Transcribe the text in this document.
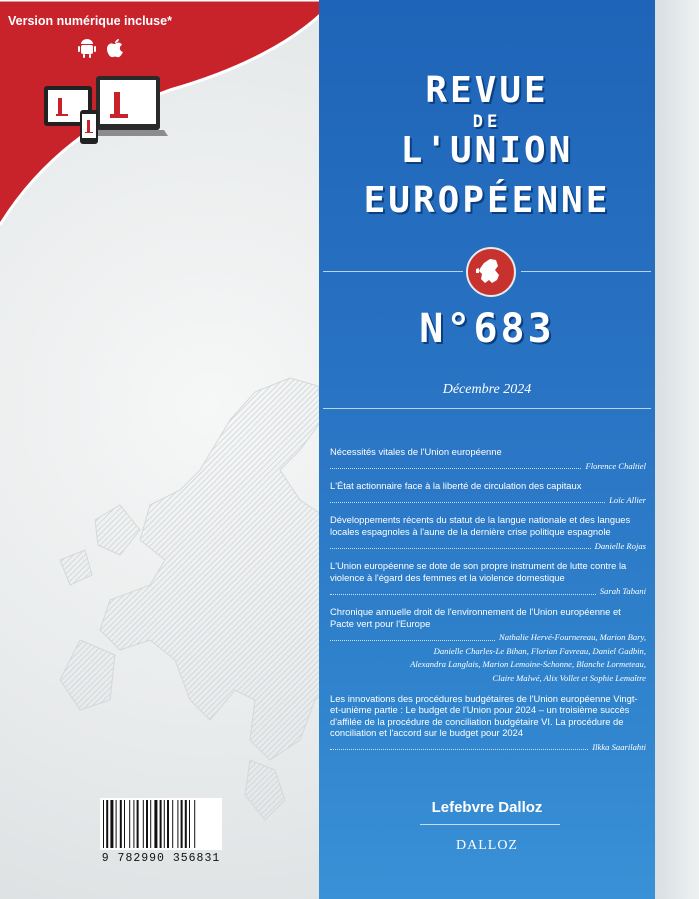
Version numérique incluse*
REVUE
DE
L'UNION
EUROPÉENNE
N°683
Décembre 2024
Nécessités vitales de l'Union européenne
Florence Chaltiel
L'État actionnaire face à la liberté de circulation des capitaux
Loïc Allier
Développements récents du statut de la langue nationale et des langues locales espagnoles à l'aune de la dernière crise politique espagnole
Danielle Rojas
L'Union européenne se dote de son propre instrument de lutte contre la violence à l'égard des femmes et la violence domestique
Sarah Tabani
Chronique annuelle droit de l'environnement de l'Union européenne et Pacte vert pour l'Europe
Nathalie Hervé-Fournereau, Marion Bary,
Danielle Charles-Le Bihan, Florian Favreau, Daniel Gadbin,
Alexandra Langlais, Marion Lemoine-Schonne, Blanche Lormeteau,
Claire Malwé, Alix Vollet et Sophie Lemaître
Les innovations des procédures budgétaires de l'Union européenne Vingt-et-unième partie : Le budget de l'Union pour 2024 – un troisième succès d'affilée de la procédure de conciliation budgétaire VI. La procédure de conciliation et l'accord sur le budget pour 2024
Ilkka Saarilahti
Lefebvre Dalloz
DALLOZ
9 782990 356831
